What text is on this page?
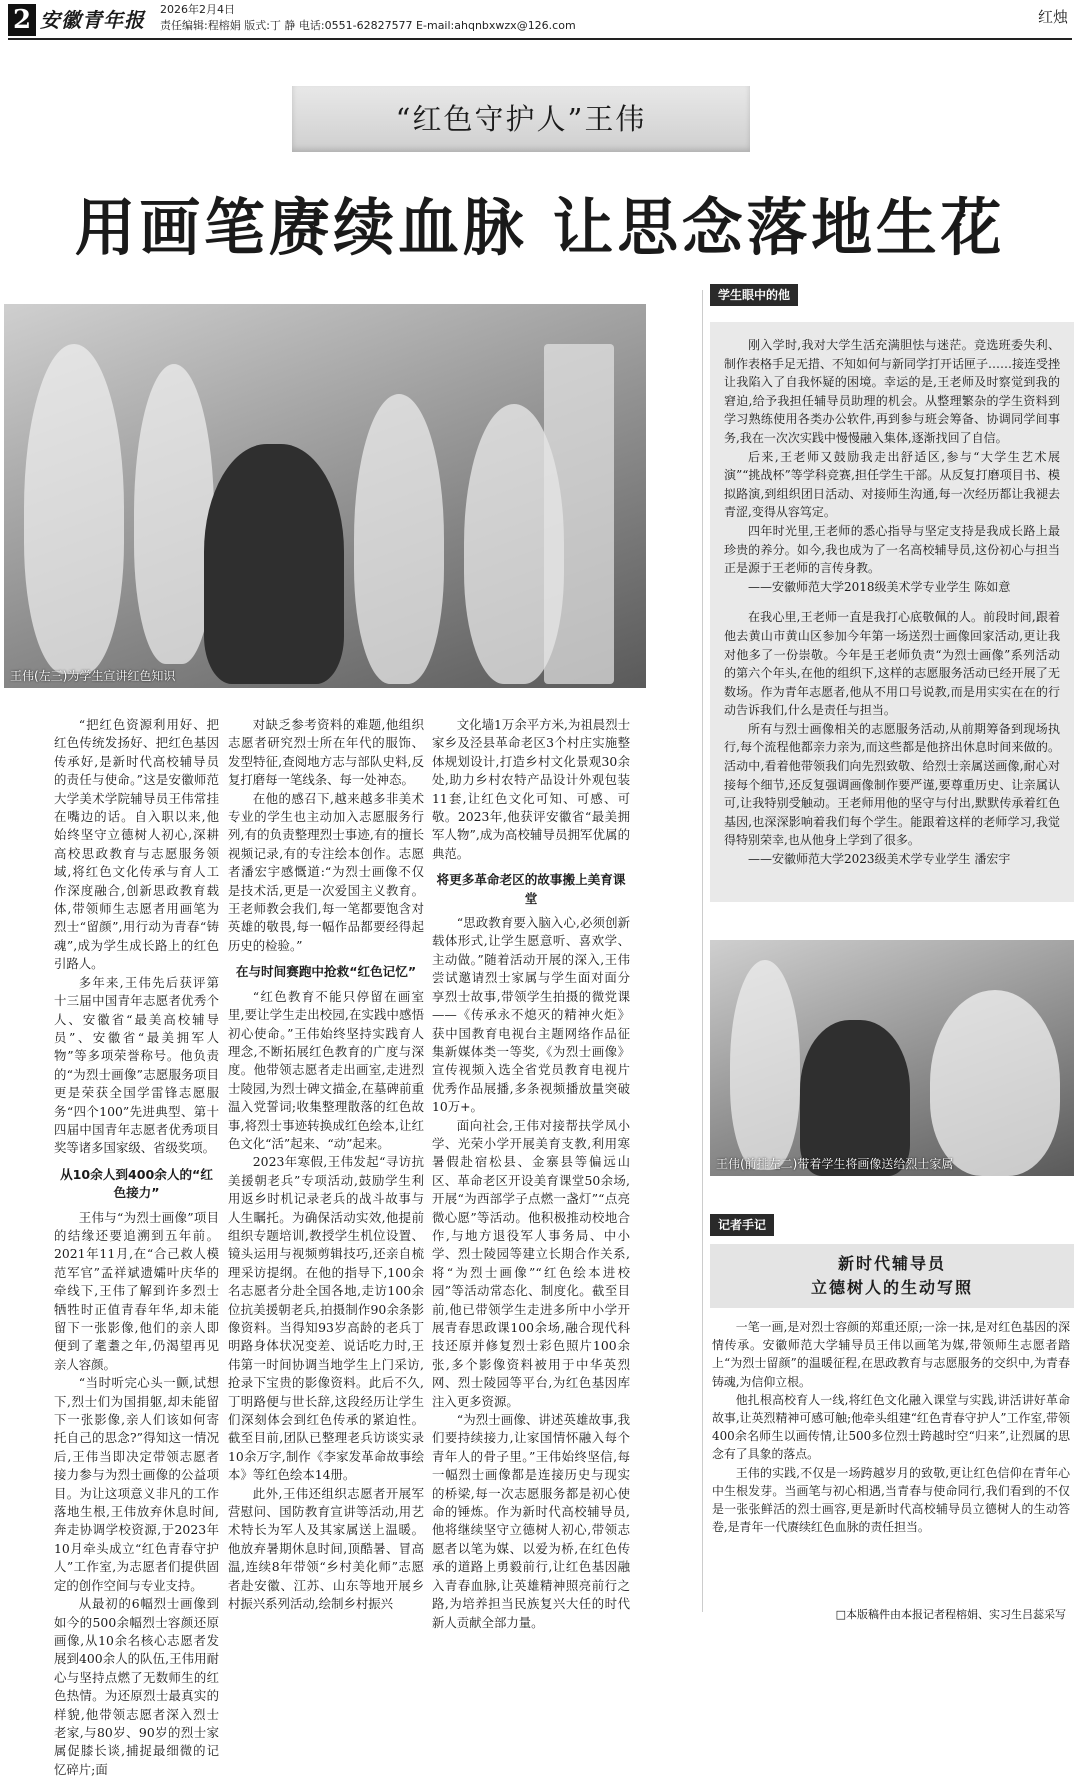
2 安徽青年报 2026年2月4日
责任编辑:程榕娟 版式:丁 静 电话:0551-62827577 E-mail:ahqnbxwzx@126.com	红烛
“红色守护人”王伟
用画笔赓续血脉 让思念落地生花
王伟(左三)为学生宣讲红色知识

“把红色资源利用好、把红色传统发扬好、把红色基因传承好,是新时代高校辅导员的责任与使命。”这是安徽师范大学美术学院辅导员王伟常挂在嘴边的话。自入职以来,他始终坚守立德树人初心,深耕高校思政教育与志愿服务领域,将红色文化传承与育人工作深度融合,创新思政教育载体,带领师生志愿者用画笔为烈士“留颜”,用行动为青春“铸魂”,成为学生成长路上的红色引路人。

多年来,王伟先后获评第十三届中国青年志愿者优秀个人、安徽省“最美高校辅导员”、安徽省“最美拥军人物”等多项荣誉称号。他负责的“为烈士画像”志愿服务项目更是荣获全国学雷锋志愿服务“四个100”先进典型、第十四届中国青年志愿者优秀项目奖等诸多国家级、省级奖项。

从10余人到400余人的“红色接力”

王伟与“为烈士画像”项目的结缘还要追溯到五年前。2021年11月,在“合己救人模范军官”孟祥斌遗孀叶庆华的牵线下,王伟了解到许多烈士牺牲时正值青春年华,却未能留下一张影像,他们的亲人即便到了耄耋之年,仍渴望再见亲人容颜。

“当时听完心头一颤,试想下,烈士们为国捐躯,却未能留下一张影像,亲人们该如何寄托自己的思念?”得知这一情况后,王伟当即决定带领志愿者接力参与为烈士画像的公益项目。为让这项意义非凡的工作落地生根,王伟放弃休息时间,奔走协调学校资源,于2023年10月牵头成立“红色青春守护人”工作室,为志愿者们提供固定的创作空间与专业支持。

从最初的6幅烈士画像到如今的500余幅烈士容颜还原画像,从10余名核心志愿者发展到400余人的队伍,王伟用耐心与坚持点燃了无数师生的红色热情。为还原烈士最真实的样貌,他带领志愿者深入烈士老家,与80岁、90岁的烈士家属促膝长谈,捕捉最细微的记忆碎片;面

对缺乏参考资料的难题,他组织志愿者研究烈士所在年代的服饰、发型特征,查阅地方志与部队史料,反复打磨每一笔线条、每一处神态。

在他的感召下,越来越多非美术专业的学生也主动加入志愿服务行列,有的负责整理烈士事迹,有的擅长视频记录,有的专注绘本创作。志愿者潘宏宇感慨道:“为烈士画像不仅是技术活,更是一次爱国主义教育。王老师教会我们,每一笔都要饱含对英雄的敬畏,每一幅作品都要经得起历史的检验。”

在与时间赛跑中抢救“红色记忆”

“红色教育不能只停留在画室里,要让学生走出校园,在实践中感悟初心使命。”王伟始终坚持实践育人理念,不断拓展红色教育的广度与深度。他带领志愿者走出画室,走进烈士陵园,为烈士碑文描金,在墓碑前重温入党誓词;收集整理散落的红色故事,将烈士事迹转换成红色绘本,让红色文化“活”起来、“动”起来。

2023年寒假,王伟发起“寻访抗美援朝老兵”专项活动,鼓励学生利用返乡时机记录老兵的战斗故事与人生瞩托。为确保活动实效,他提前组织专题培训,教授学生机位设置、镜头运用与视频剪辑技巧,还亲自梳理采访提纲。在他的指导下,100余名志愿者分赴全国各地,走访100余位抗美援朝老兵,拍摄制作90余条影像资料。当得知93岁高龄的老兵丁明路身体状况变差、说话吃力时,王伟第一时间协调当地学生上门采访,抢录下宝贵的影像资料。此后不久,丁明路便与世长辞,这段经历让学生们深刻体会到红色传承的紧迫性。截至目前,团队已整理老兵访谈实录10余万字,制作《李家发革命故事绘本》等红色绘本14册。

此外,王伟还组织志愿者开展军营慰问、国防教育宣讲等活动,用艺术特长为军人及其家属送上温暖。他放弃暑期休息时间,顶酷暑、冒高温,连续8年带领“乡村美化师”志愿者赴安徽、江苏、山东等地开展乡村振兴系列活动,绘制乡村振兴

文化墙1万余平方米,为祖晨烈士家乡及泾县革命老区3个村庄实施整体规划设计,打造乡村文化景观30余处,助力乡村农特产品设计外观包装11套,让红色文化可知、可感、可敬。2023年,他获评安徽省“最美拥军人物”,成为高校辅导员拥军优属的典范。

将更多革命老区的故事搬上美育课堂

“思政教育要入脑入心,必须创新载体形式,让学生愿意听、喜欢学、主动做。”随着活动开展的深入,王伟尝试邀请烈士家属与学生面对面分享烈士故事,带领学生拍摄的微党课——《传承永不熄灭的精神火炬》获中国教育电视台主题网络作品征集新媒体类一等奖,《为烈士画像》宣传视频入选全省党员教育电视片优秀作品展播,多条视频播放量突破10万+。

面向社会,王伟对接帮扶学凤小学、光荣小学开展美育支教,利用寒暑假赴宿松县、金寨县等偏远山区、革命老区开设美育课堂50余场,开展“为西部学子点燃一盏灯”“点亮微心愿”等活动。他积极推动校地合作,与地方退役军人事务局、中小学、烈士陵园等建立长期合作关系,将“为烈士画像”“红色绘本进校园”等活动常态化、制度化。截至目前,他已带领学生走进多所中小学开展青春思政课100余场,融合现代科技还原并修复烈士彩色照片100余张,多个影像资料被用于中华英烈网、烈士陵园等平台,为红色基因库注入更多资源。

“为烈士画像、讲述英雄故事,我们要持续接力,让家国情怀融入每个青年人的骨子里。”王伟始终坚信,每一幅烈士画像都是连接历史与现实的桥梁,每一次志愿服务都是初心使命的锤炼。作为新时代高校辅导员,他将继续坚守立德树人初心,带领志愿者以笔为媒、以爱为桥,在红色传承的道路上勇毅前行,让红色基因融入青春血脉,让英雄精神照亮前行之路,为培养担当民族复兴大任的时代新人贡献全部力量。

学生眼中的他

刚入学时,我对大学生活充满胆怯与迷茫。竞选班委失利、制作表格手足无措、不知如何与新同学打开话匣子……接连受挫让我陷入了自我怀疑的困境。幸运的是,王老师及时察觉到我的窘迫,给予我担任辅导员助理的机会。从整理繁杂的学生资料到学习熟练使用各类办公软件,再到参与班会筹备、协调同学间事务,我在一次次实践中慢慢融入集体,逐渐找回了自信。

后来,王老师又鼓励我走出舒适区,参与“大学生艺术展演”“挑战杯”等学科竞赛,担任学生干部。从反复打磨项目书、模拟路演,到组织团日活动、对接师生沟通,每一次经历都让我褪去青涩,变得从容笃定。

四年时光里,王老师的悉心指导与坚定支持是我成长路上最珍贵的养分。如今,我也成为了一名高校辅导员,这份初心与担当正是源于王老师的言传身教。

——安徽师范大学2018级美术学专业学生 陈如意

在我心里,王老师一直是我打心底敬佩的人。前段时间,跟着他去黄山市黄山区参加今年第一场送烈士画像回家活动,更让我对他多了一份崇敬。今年是王老师负责“为烈士画像”系列活动的第六个年头,在他的组织下,这样的志愿服务活动已经开展了无数场。作为青年志愿者,他从不用口号说教,而是用实实在在的行动告诉我们,什么是责任与担当。

所有与烈士画像相关的志愿服务活动,从前期筹备到现场执行,每个流程他都亲力亲为,而这些都是他挤出休息时间来做的。活动中,看着他带领我们向先烈致敬、给烈士亲属送画像,耐心对接每个细节,还反复强调画像制作要严谨,要尊重历史、让亲属认可,让我特别受触动。王老师用他的坚守与付出,默默传承着红色基因,也深深影响着我们每个学生。能跟着这样的老师学习,我觉得特别荣幸,也从他身上学到了很多。

——安徽师范大学2023级美术学专业学生 潘宏宇
王伟(前排左二)带着学生将画像送给烈士家属
记者手记
新时代辅导员
立德树人的生动写照

一笔一画,是对烈士容颜的郑重还原;一涂一抹,是对红色基因的深情传承。安徽师范大学辅导员王伟以画笔为媒,带领师生志愿者踏上“为烈士留颜”的温暖征程,在思政教育与志愿服务的交织中,为青春铸魂,为信仰立根。

他扎根高校育人一线,将红色文化融入课堂与实践,讲活讲好革命故事,让英烈精神可感可触;他牵头组建“红色青春守护人”工作室,带领400余名师生以画传情,让500多位烈士跨越时空“归来”,让烈属的思念有了具象的落点。

王伟的实践,不仅是一场跨越岁月的致敬,更让红色信仰在青年心中生根发芽。当画笔与初心相遇,当青春与使命同行,我们看到的不仅是一张张鲜活的烈士画容,更是新时代高校辅导员立德树人的生动答卷,是青年一代赓续红色血脉的责任担当。

□本版稿件由本报记者程榕娟、实习生吕蕊采写
